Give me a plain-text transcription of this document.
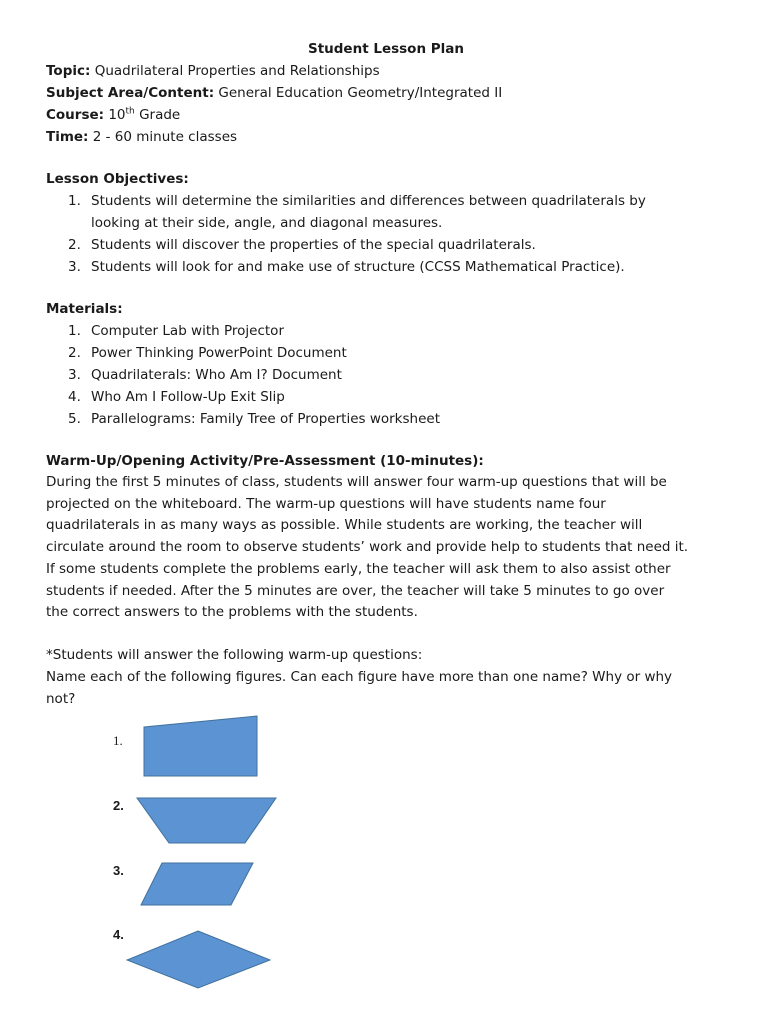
Student Lesson Plan
Topic: Quadrilateral Properties and Relationships
Subject Area/Content: General Education Geometry/Integrated II
Course: 10th Grade
Time: 2 - 60 minute classes
Lesson Objectives:
1. Students will determine the similarities and differences between quadrilaterals by
looking at their side, angle, and diagonal measures.
2. Students will discover the properties of the special quadrilaterals.
3. Students will look for and make use of structure (CCSS Mathematical Practice).
Materials:
1. Computer Lab with Projector
2. Power Thinking PowerPoint Document
3. Quadrilaterals: Who Am I? Document
4. Who Am I Follow-Up Exit Slip
5. Parallelograms: Family Tree of Properties worksheet
Warm-Up/Opening Activity/Pre-Assessment (10-minutes):
During the first 5 minutes of class, students will answer four warm-up questions that will be
projected on the whiteboard. The warm-up questions will have students name four
quadrilaterals in as many ways as possible. While students are working, the teacher will
circulate around the room to observe students’ work and provide help to students that need it.
If some students complete the problems early, the teacher will ask them to also assist other
students if needed. After the 5 minutes are over, the teacher will take 5 minutes to go over
the correct answers to the problems with the students.
*Students will answer the following warm-up questions:
Name each of the following figures. Can each figure have more than one name? Why or why
not?
1.
2.
3.
4.
